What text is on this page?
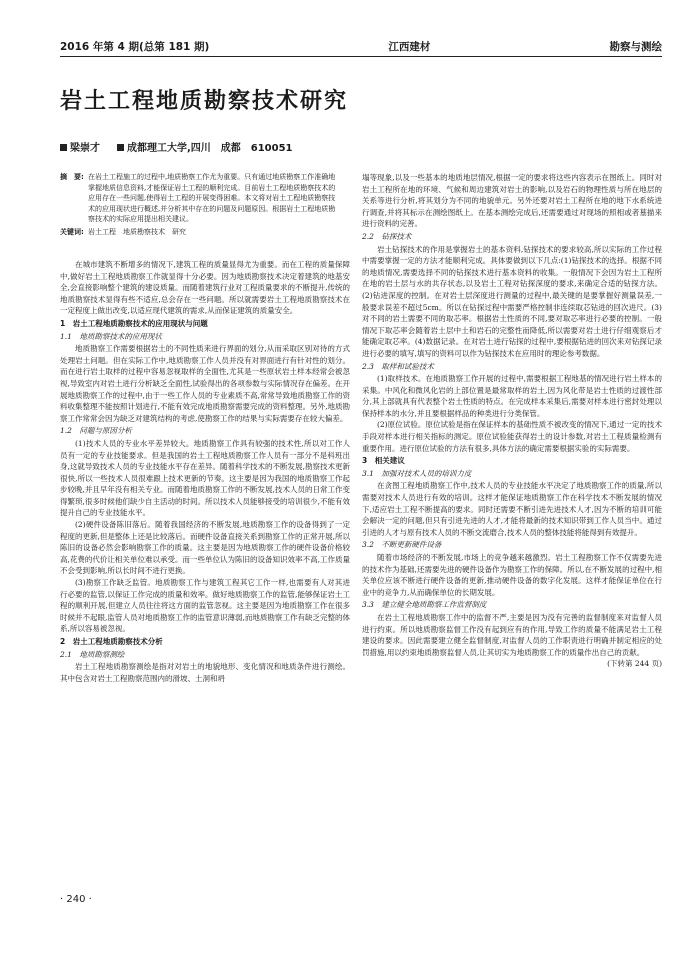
2016 年第 4 期(总第 181 期)	江西建材	勘察与测绘
岩土工程地质勘察技术研究
梁崇才	成都理工大学,四川　成都　610051
摘　要: 在岩土工程施工的过程中,地质勘察工作尤为重要。只有通过地质勘察工作准确地掌握地质信息资料,才能保证岩土工程的顺利完成。目前岩土工程地质勘察技术的应用存在一些问题,使得岩土工程的开展变得困难。本文将对岩土工程地质勘察技术的应用现状进行概述,并分析其中存在的问题及问题原因。根据岩土工程地质勘察技术的实际应用提出相关建议。
关键词: 岩土工程　地质勘察技术　研究

在城市建筑不断增多的情况下,建筑工程的质量显得尤为重要。而在工程的质量保障中,做好岩土工程地质勘察工作就显得十分必要。因为地质勘察技术决定着建筑的地基安全,会直接影响整个建筑的建设质量。而随着建筑行业对工程质量要求的不断提升,传统的地质勘察技术显得有些不适应,总会存在一些问题。所以就需要岩土工程地质勘察技术在一定程度上做出改变,以适应现代建筑的需求,从而保证建筑的质量安全。

1　岩土工程地质勘察技术的应用现状与问题
1.1　地质勘察技术的应用现状

地质勘察工作需要根据岩土的不同性质来进行界面的划分,从而采取区别对待的方式处理岩土问题。但在实际工作中,地质勘察工作人员并没有对界面进行有针对性的划分。而在进行岩土取样的过程中容易忽视取样的全面性,尤其是一些原状岩土样本经常会被忽视,导致室内对岩土进行分析缺乏全面性,试验得出的各项参数与实际情况存在偏差。在开展地质勘察工作的过程中,由于一些工作人员的专业素质不高,常常导致地质勘察工作的资料收集整理不能按照计划进行,不能有效完成地质勘察需要完成的资料整理。另外,地质勘察工作常常会因为缺乏对建筑结构的考虑,使勘察工作的结果与实际需要存在较大偏差。

1.2　问题与原因分析

(1)技术人员的专业水平差异较大。地质勘察工作具有较强的技术性,所以对工作人员有一定的专业技能要求。但是我国的岩土工程地质勘察工作人员有一部分不是科班出身,这就导致技术人员的专业技能水平存在差异。随着科学技术的不断发展,勘察技术更新很快,所以一些技术人员很难跟上技术更新的节奏。这主要是因为我国的地质勘察工作起步较晚,并且早年没有相关专业。而随着地质勘察工作的不断发展,技术人员的日常工作变得繁琐,很多时候他们缺少自主活动的时间。所以技术人员能够接受的培训很少,不能有效提升自己的专业技能水平。

(2)硬件设备陈旧落后。随着我国经济的不断发展,地质勘察工作的设备得到了一定程度的更新,但是整体上还是比较落后。而硬件设备直接关系到勘察工作的正常开展,所以陈旧的设备必然会影响勘察工作的质量。这主要是因为地质勘察工作的硬件设备价格较高,花费的代价让相关单位难以承受。而一些单位认为陈旧的设备知识效率不高,工作质量不会受到影响,所以长时间不进行更换。

(3)勘察工作缺乏监管。地质勘察工作与建筑工程其它工作一样,也需要有人对其进行必要的监管,以保证工作完成的质量和效率。做好地质勘察工作的监管,能够保证岩土工程的顺利开展,但建立人员往往将这方面的监管忽视。这主要是因为地质勘察工作在很多时候并不起眼,监管人员对地质勘察工作的监管意识薄弱,而地质勘察工作有缺乏完整的体系,所以容易被忽视。

2　岩土工程地质勘察技术分析
2.1　地质勘察测绘

岩土工程地质勘察测绘是指对对岩土的地貌地形、变化情况和地质条件进行测绘。其中包含对岩土工程勘察范围内的滑坡、土洞和坍

塌等现象,以及一些基本的地质地层情况,根据一定的要求将这些内容表示在图纸上。同时对岩土工程所在地的环境、气候和周边建筑对岩土的影响,以及岩石的物理性质与所在地层的关系等进行分析,将其划分为不同的地貌单元。另外还要对岩土工程所在地的地下水系统进行调查,并将其标示在测绘图纸上。在基本测绘完成后,还需要通过对现场的照相或者墓描来进行资料的完善。

2.2　钻探技术

岩土钻探技术的作用是掌握岩土的基本资料,钻探技术的要求较高,所以实际的工作过程中需要掌握一定的方法才能顺利完成。具体要做到以下几点:(1)钻探技术的选择。根据不同的地质情况,需要选择不同的钻探技术进行基本资料的收集。一般情况下会因为岩土工程所在地的岩土层与水的共存状态,以及岩土工程对钻探深度的要求,来确定合适的钻探方法。(2)钻进深度的控制。在对岩土层深度进行测量的过程中,最关键的是要掌握好测量误差,一般要求误差不超过5cm。所以在钻探过程中需要严格控制非连续取芯钻进的回次进尺。(3)对不同的岩土需要不同的取芯率。根据岩土性质的不同,要对取芯率进行必要的控制。一般情况下取芯率会随着岩土层中土和岩石的完整性而降低,所以需要对岩土进行仔细观察后才能确定取芯率。(4)数据记录。在对岩土进行钻探的过程中,要根据钻进的回次来对钻探记录进行必要的填写,填写的资料可以作为钻探技术在应用时的理论参考数据。

2.3　取样和试验技术

(1)取样技术。在地质勘察工作开展的过程中,需要根据工程地基的情况进行岩土样本的采集。中风化和微风化岩的上部位置是最常取样的岩土,因为风化带是岩土性质的过渡性部分,其上部就具有代表整个岩土性质的特点。在完成样本采集后,需要对样本进行密封处理以保持样本的水分,并且要根据样品的种类进行分类保管。

(2)原位试验。原位试验是指在保证样本的基础性质不被改变的情况下,通过一定的技术手段对样本进行相关指标的测定。原位试验能获得岩土的设计参数,对岩土工程质量检测有重要作用。进行原位试验的方法有很多,具体方法的确定需要根据实验的实际需要。

3　相关建议
3.1　加强对技术人员的培训力度

在贪图工程地质勘察工作中,技术人员的专业技能水平决定了地质勘察工作的质量,所以需要对技术人员进行有效的培训。这样才能保证地质勘察工作在科学技术不断发展的情况下,适应岩土工程不断提高的要求。同时还需要不断引进先进技术人才,因为不断的培训可能会解决一定的问题,但只有引进先进的人才,才能将最新的技术知识带到工作人员当中。通过引进的人才与原有技术人员的不断交流磨合,技术人员的整体技能将能得到有效提升。

3.2　不断更新硬件设备

随着市场经济的不断发展,市场上的竞争越来越激烈。岩土工程勘察工作不仅需要先进的技术作为基础,还需要先进的硬件设备作为勘察工作的保障。所以,在不断发展的过程中,相关单位应该不断进行硬件设备的更新,推动硬件设备的数字化发展。这样才能保证单位在行业中的竞争力,从而确保单位的长期发展。

3.3　建立健全地质勘察工作监督制度

在岩土工程地质勘察工作中的监督不严,主要是因为没有完善的监督制度来对监督人员进行约束。所以地质勘察监督工作没有起到应有的作用,导致工作的质量不能满足岩土工程建设的要求。因此需要建立健全监督制度,对监督人员的工作职责进行明确并制定相应的处罚措施,用以约束地质勘察监督人员,让其切实为地质勘察工作的质量作出自己的贡献。

(下转第 244 页)
· 240 ·
